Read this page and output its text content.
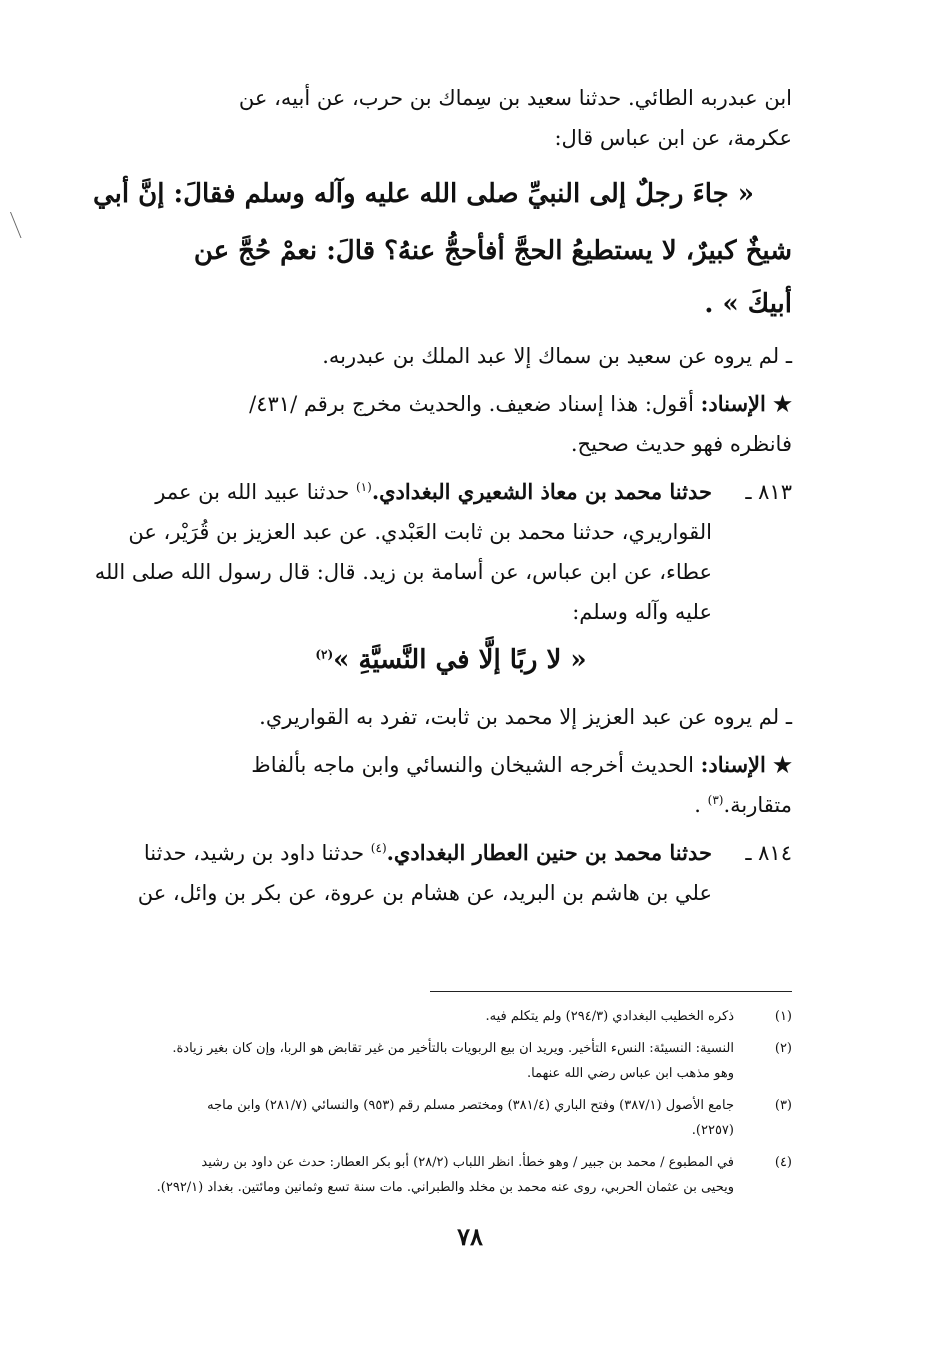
ابن عبدربه الطائي. حدثنا سعيد بن سِماك بن حرب، عن أبيه، عن

عكرمة، عن ابن عباس قال:

« جاءَ رجلٌ إلى النبيِّ صلى الله عليه وآله وسلم فقالَ: إنَّ أبي

شيخٌ كبيرٌ، لا يستطيعُ الحجَّ أفأحجُّ عنهُ؟ قالَ: نعمْ حُجَّ عن

أبيكَ » .

ـ لم يروه عن سعيد بن سماك إلا عبد الملك بن عبدربه.

★ الإسناد: أقول: هذا إسناد ضعيف. والحديث مخرج برقم /٤٣١/

فانظره فهو حديث صحيح.

٨١٣ ـ
حدثنا محمد بن معاذ الشعيري البغدادي.$^{(١)}$ حدثنا عبيد الله بن عمر

القواريري، حدثنا محمد بن ثابت العَبْدي. عن عبد العزيز بن قُرَيْر، عن

عطاء، عن ابن عباس، عن أسامة بن زيد. قال: قال رسول الله صلى الله

عليه وآله وسلم:

« لا ربًا إلَّا في النَّسيَّةِ »$^{(٢)}$

ـ لم يروه عن عبد العزيز إلا محمد بن ثابت، تفرد به القواريري.

★ الإسناد: الحديث أخرجه الشيخان والنسائي وابن ماجه بألفاظ

متقاربة.$^{(٣)}$ .

٨١٤ ـ
حدثنا محمد بن حنين العطار البغدادي.$^{(٤)}$ حدثنا داود بن رشيد، حدثنا

علي بن هاشم بن البريد، عن هشام بن عروة، عن بكر بن وائل، عن

(١)
ذكره الخطيب البغدادي (٢٩٤/٣) ولم يتكلم فيه.
(٢)
النسية: النسيئة: النسء التأخير. ويريد ان بيع الربويات بالتأخير من غير تقابض هو الربا، وإن كان بغير زيادة.
وهو مذهب ابن عباس رضي الله عنهما.
(٣)
جامع الأصول (٣٨٧/١) وفتح الباري (٣٨١/٤) ومختصر مسلم رقم (٩٥٣) والنسائي (٢٨١/٧) وابن ماجه
(٢٢٥٧).
(٤)
في المطبوع / محمد بن جبير / وهو خطأ. انظر اللباب (٢٨/٢) أبو بكر العطار: حدث عن داود بن رشيد
ويحيى بن عثمان الحربي، روى عنه محمد بن مخلد والطبراني. مات سنة تسع وثمانين ومائتين. بغداد (٢٩٢/١).
٧٨
